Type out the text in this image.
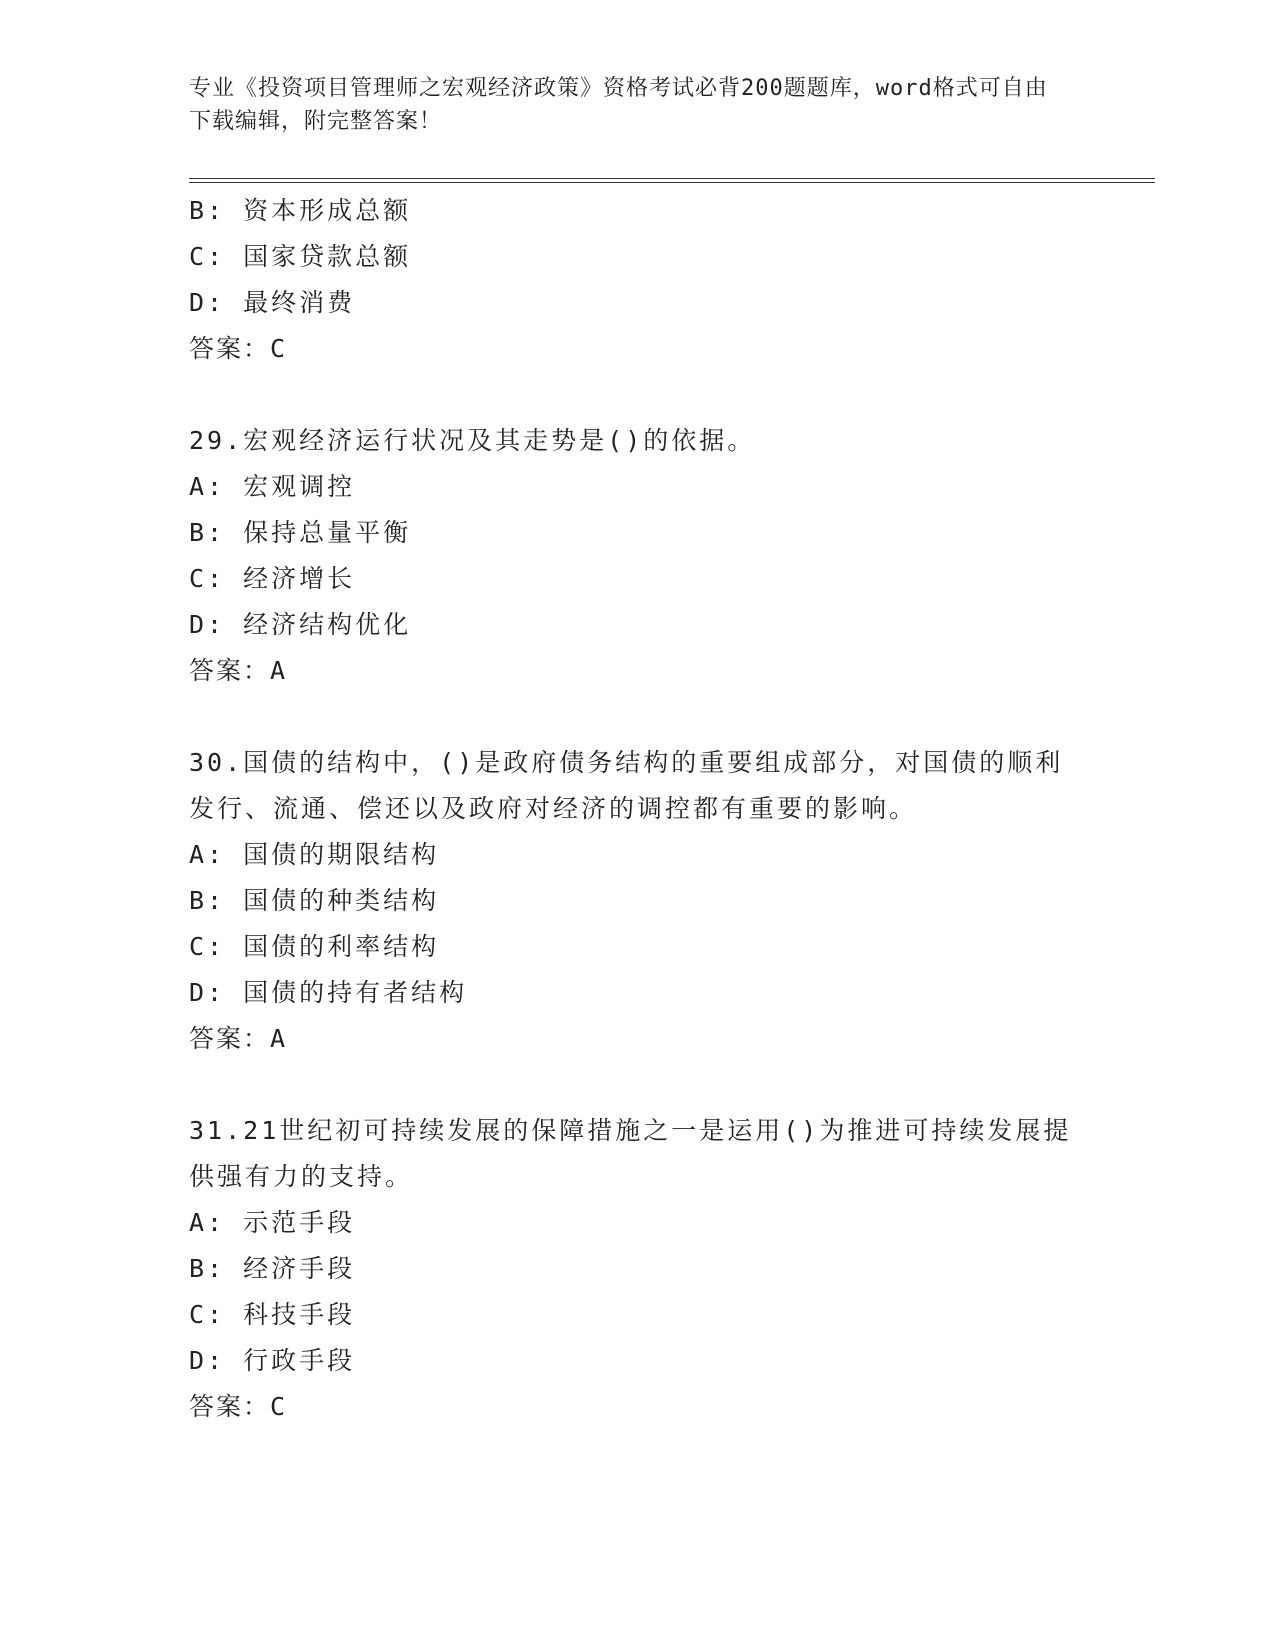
专业《投资项目管理师之宏观经济政策》资格考试必背200题题库，word格式可自由下载编辑，附完整答案！
B: 资本形成总额
C: 国家贷款总额
D: 最终消费
答案：C
29.宏观经济运行状况及其走势是()的依据。
A: 宏观调控
B: 保持总量平衡
C: 经济增长
D: 经济结构优化
答案：A
30.国债的结构中，()是政府债务结构的重要组成部分，对国债的顺利发行、流通、偿还以及政府对经济的调控都有重要的影响。
A: 国债的期限结构
B: 国债的种类结构
C: 国债的利率结构
D: 国债的持有者结构
答案：A
31.21世纪初可持续发展的保障措施之一是运用()为推进可持续发展提供强有力的支持。
A: 示范手段
B: 经济手段
C: 科技手段
D: 行政手段
答案：C
